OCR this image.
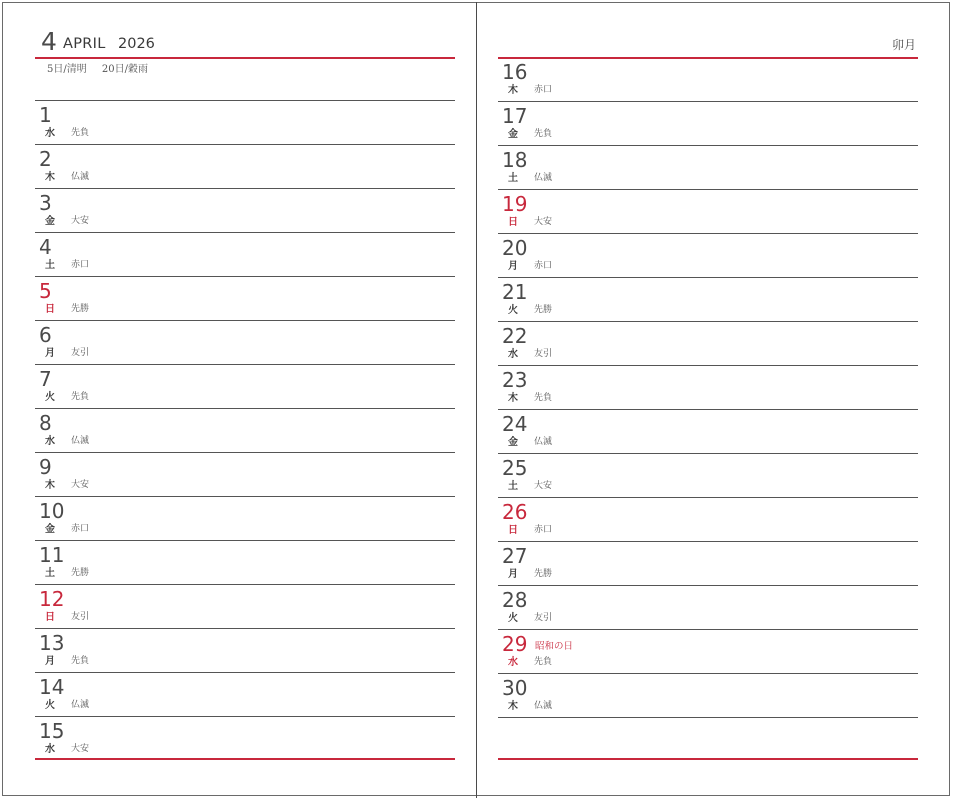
4 APRIL 2026
5日/清明 20日/穀雨
1
水 先負
2
木 仏滅
3
金 大安
4
土 赤口
5
日 先勝
6
月 友引
7
火 先負
8
水 仏滅
9
木 大安
10
金 赤口
11
土 先勝
12
日 友引
13
月 先負
14
火 仏滅
15
水 大安
卯月
16
木 赤口
17
金 先負
18
土 仏滅
19
日 大安
20
月 赤口
21
火 先勝
22
水 友引
23
木 先負
24
金 仏滅
25
土 大安
26
日 赤口
27
月 先勝
28
火 友引
29
水 先負
昭和の日
30
木 仏滅
